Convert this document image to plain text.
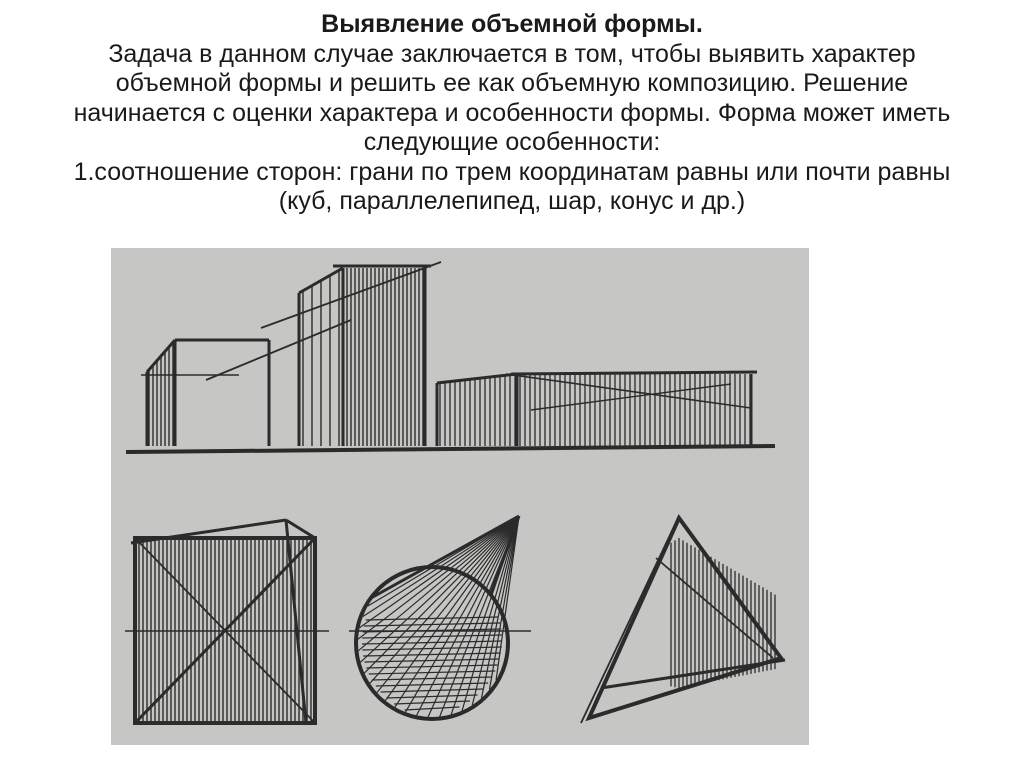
Выявление объемной формы.
Задача в данном случае заключается в том, чтобы выявить характер
объемной формы и решить ее как объемную композицию. Решение
начинается с оценки характера и особенности формы. Форма может иметь
следующие особенности:
1.соотношение сторон: грани по трем координатам равны или почти равны
(куб, параллелепипед, шар, конус и др.)
